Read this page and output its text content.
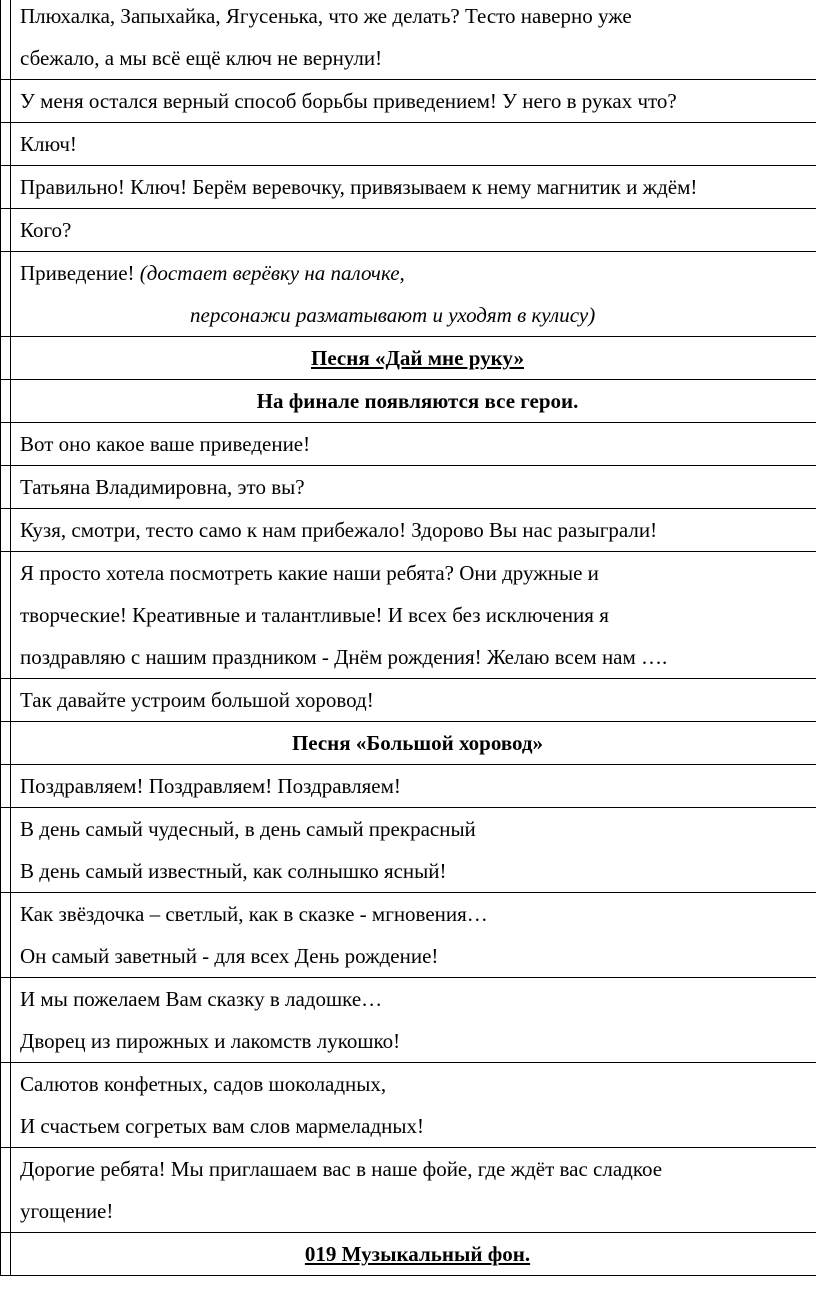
	Плюхалка, Запыхайка, Ягусенька, что же делать? Тесто наверно уже
сбежало, а мы всё ещё ключ не вернули!

	У меня остался верный способ борьбы приведением! У него в руках что?

	Ключ!

	Правильно! Ключ! Берём веревочку, привязываем к нему магнитик и ждём!

	Кого?

	Приведение! (достает верёвку на палочке,
персонажи разматывают и уходят в кулису)

	Песня «Дай мне руку»

	На финале появляются все герои.

	Вот оно какое ваше приведение!

	Татьяна Владимировна, это вы?

	Кузя, смотри, тесто само к нам прибежало! Здорово Вы нас разыграли!

	Я просто хотела посмотреть какие наши ребята? Они дружные и
творческие! Креативные и талантливые! И всех без исключения я
поздравляю с нашим праздником - Днём рождения! Желаю всем нам ….

	Так давайте устроим большой хоровод!

	Песня «Большой хоровод»

	Поздравляем! Поздравляем! Поздравляем!

	В день самый чудесный, в день самый прекрасный
В день самый известный, как солнышко ясный!

	Как звёздочка – светлый, как в сказке - мгновения…
Он самый заветный - для всех День рождение!

	И мы пожелаем Вам сказку в ладошке…
Дворец из пирожных и лакомств лукошко!

	Салютов конфетных, садов шоколадных,
И счастьем согретых вам слов мармеладных!

	Дорогие ребята! Мы приглашаем вас в наше фойе, где ждёт вас сладкое
угощение!

	019 Музыкальный фон.
